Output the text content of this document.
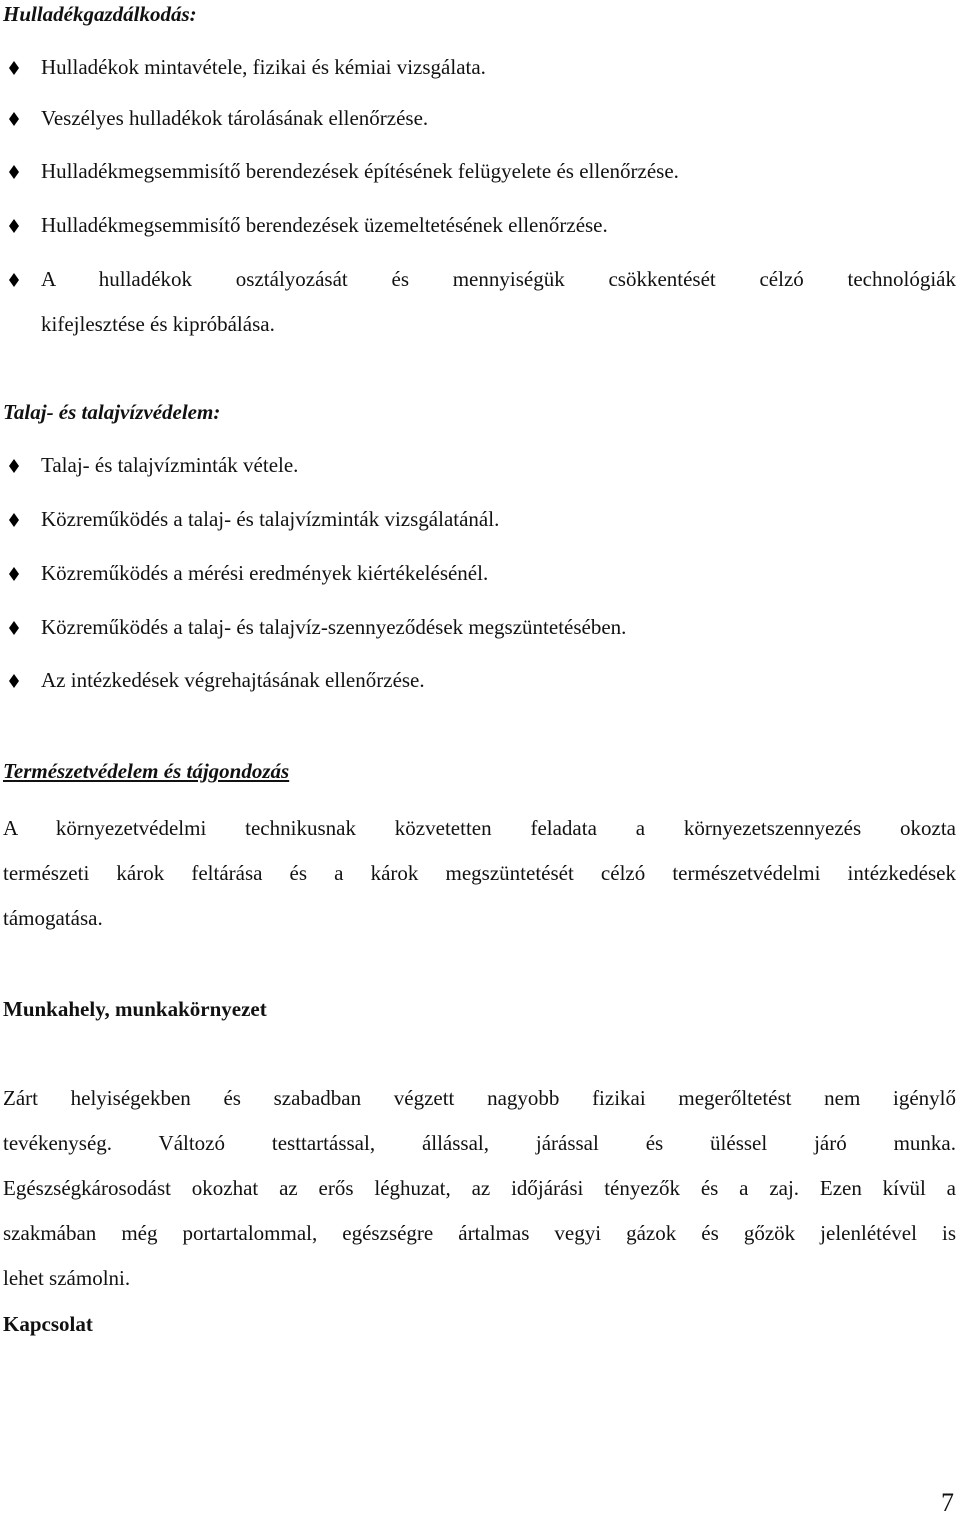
Hulladékgazdálkodás:
Hulladékok mintavétele, fizikai és kémiai vizsgálata.
Veszélyes hulladékok tárolásának ellenőrzése.
Hulladékmegsemmisítő berendezések építésének felügyelete és ellenőrzése.
Hulladékmegsemmisítő berendezések üzemeltetésének ellenőrzése.
A hulladékok osztályozását és mennyiségük csökkentését célzó technológiák
kifejlesztése és kipróbálása.
Talaj- és talajvízvédelem:
Talaj- és talajvízminták vétele.
Közreműködés a talaj- és talajvízminták vizsgálatánál.
Közreműködés a mérési eredmények kiértékelésénél.
Közreműködés a talaj- és talajvíz-szennyeződések megszüntetésében.
Az intézkedések végrehajtásának ellenőrzése.
Természetvédelem és tájgondozás
A környezetvédelmi technikusnak közvetetten feladata a környezetszennyezés okozta
természeti károk feltárása és a károk megszüntetését célzó természetvédelmi intézkedések
támogatása.
Munkahely, munkakörnyezet
Zárt helyiségekben és szabadban végzett nagyobb fizikai megerőltetést nem igénylő
tevékenység. Változó testtartással, állással, járással és üléssel járó munka.
Egészségkárosodást okozhat az erős léghuzat, az időjárási tényezők és a zaj. Ezen kívül a
szakmában még portartalommal, egészségre ártalmas vegyi gázok és gőzök jelenlétével is
lehet számolni.
Kapcsolat
7
